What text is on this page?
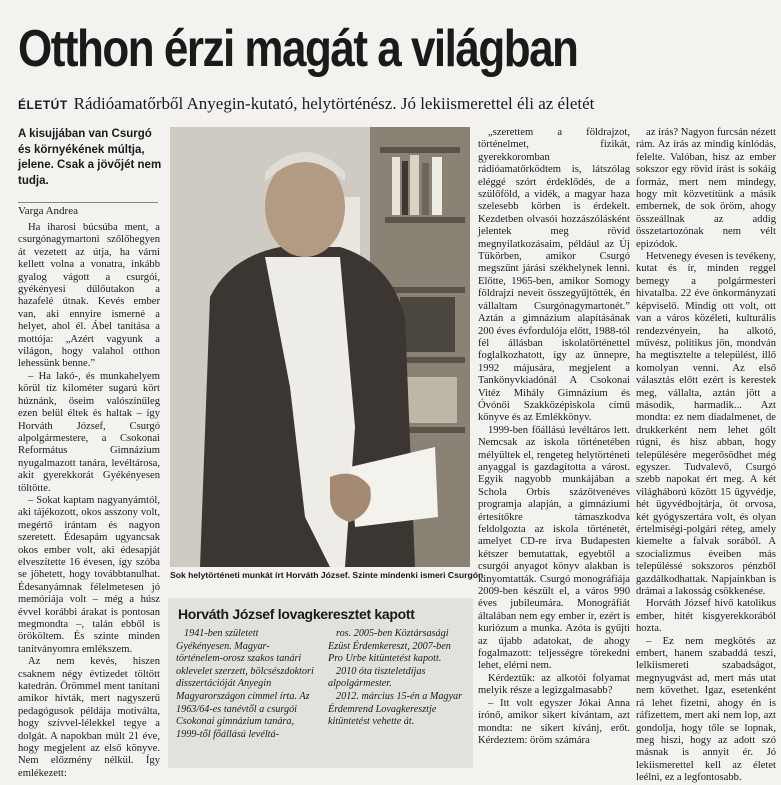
Otthon érzi magát a világban
ÉLETÚT Rádióamatőrből Anyegin-kutató, helytörténész. Jó lekiismerettel éli az életét
A kisujjában van Csurgó és környékének múltja, jelene. Csak a jövőjét nem tudja.
Varga Andrea

Ha iharosi búcsúba ment, a csurgónagymartoni szőlőhegyen át vezetett az útja, ha várni kellett volna a vonatra, inkább gyalog vágott a csurgói, gyékényesi dűlőutakon a hazafelé útnak. Kevés ember van, aki ennyire ismerné a helyet, ahol él. Ábel tanítása a mottója: „Azért vagyunk a világon, hogy valahol otthon lehessünk benne.”

– Ha lakó-, és munkahelyem körül tíz kilométer sugarú kört húznánk, öseim valószínűleg ezen belül éltek és haltak – így Horváth József, Csurgó alpolgármestere, a Csokonai Református Gimnázium nyugalmazott tanára, levéltárosa, akit gyerekkorát Gyékényesen töltötte.

– Sokat kaptam nagyanyámtól, aki tájékozott, okos asszony volt, megértő irántam és nagyon szeretett. Édesapám ugyancsak okos ember volt, aki édesapját elveszítette 16 évesen, így szóba se jöhetett, hogy továbbtanulhat. Édesanyámnak félelmetesen jó memóriája volt – még a húsz évvel korábbi árakat is pontosan megmondta –, talán ebből is örököltem. És szinte minden tanítványomra emlékszem.

Az nem kevés, hiszen csaknem négy évtizedet töltött katedrán. Örömmel ment tanítani amikor hívták, mert nagyszerű pedagógusok példája motiválta, hogy szívvel-lélekkel tegye a dolgát. A napokban múlt 21 éve, hogy megjelent az első könyve. Nem előzmény nélkül. Így emlékezett:

Sok helytörténeti munkát írt Horváth József. Szinte mindenki ismeri Csurgón
Horváth József lovagkeresztet kapott

1941-ben született Gyékényesen. Magyar-történelem-orosz szakos tanári oklevelet szerzett, bölcsészdoktori disszertációját Anyegin Magyarországon címmel írta. Az 1963/64-es tanévtől a csurgói Csokonai gimnázium tanára, 1999-től főállású levéltá-

ros. 2005-ben Köztársasági Ezüst Érdemkereszt, 2007-ben Pro Urbe kitüntetést kapott.

2010 óta tiszteletdíjas alpolgármester.

2012. március 15-én a Magyar Érdemrend Lovagkeresztje kitüntetést vehette át.

„szerettem a földrajzot, történelmet, fizikát, gyerekkoromban rádióamatőrködtem is, látszólag eléggé szórt érdeklődés, de a szülőföld, a vidék, a magyar haza szelesebb körben is érdekelt. Kezdetben olvasói hozzászólásként jelentek meg rövid megnyilatkozásaim, például az Új Tükörben, amikor Csurgó megszűnt járási székhelynek lenni. Előtte, 1965-ben, amikor Somogy földrajzi neveit összegyűjtötték, én vállaltam Csurgónagymartonét.” Aztán a gimnázium alapításának 200 éves évfordulója előtt, 1988-tól fél állásban iskolatörténettel foglalkozhatott, így az ünnepre, 1992 májusára, megjelent a Tankönyvkiadónál A Csokonai Vitéz Mihály Gimnázium és Óvónői Szakközépiskola című könyve és az Emlékkönyv.

1999-ben főállású levéltáros lett. Nemcsak az iskola történetében mélyültek el, rengeteg helytörténeti anyaggal is gazdagította a várost. Egyik nagyobb munkájában a Schola Orbis százötvenéves programja alapján, a gimnáziumi értesítőkre támaszkodva feldolgozta az iskola történetét, amelyet CD-re írva Budapesten kétszer bemutattak, egyebtől a csurgói anyagot könyv alakban is kinyomtatták. Csurgó monográfiája 2009-ben készült el, a város 990 éves jubileumára. Monográfiát általában nem egy ember ír, ezért is kuriózum a munka. Azóta is gyűjti az újabb adatokat, de ahogy fogalmazott: teljességre törekedni lehet, elérni nem.

Kérdeztük: az alkotói folyamat melyik része a legizgalmasabb?

– Itt volt egyszer Jókai Anna írónő, amikor sikert kívántam, azt mondta: ne sikert kívánj, erőt. Kérdeztem: öröm számára

az írás? Nagyon furcsán nézett rám. Az írás az mindig kínlódás, felelte. Valóban, hisz az ember sokszor egy rövid írást is sokáig formáz, mert nem mindegy, hogy mit közvetítünk a másik embernek, de sok öröm, ahogy összeállnak az addig összetartozónak nem vélt epizódok.

Hetvenegy évesen is tevékeny, kutat és ír, minden reggel bemegy a polgármesteri hivatalba. 22 éve önkormányzati képviselő. Mindig ott volt, ott van a város közéleti, kulturális rendezvényein, ha alkotó, művész, politikus jön, mondván ha megtisztelte a települést, illő komolyan venni. Az első választás előtt ezért is kerestek meg, vállalta, aztán jött a második, harmadik... Azt mondta: ez nem diadalmenet, de drukkerként nem lehet gólt rúgni, és hisz abban, hogy településére megerősödhet még egyszer. Tudvalevő, Csurgó szebb napokat ért meg. A két világháború között 15 ügyvédje, hét ügyvédbojtárja, öt orvosa, két gyógyszertára volt, és olyan értelmiségi-polgári réteg, amely kiemelte a falvak sorából. A szocializmus éveiben más településsé sokszoros pénzből gazdálkodhattak. Napjainkban is drámai a lakosság csökkenése.

Horváth József hívő katolikus ember, hitét kisgyerekkorából hozta.

– Ez nem megkötés az embert, hanem szabaddá teszi, lelkiismereti szabadságot, megnyugvást ad, mert más utat nem követhet. Igaz, esetenként rá lehet fizetni, ahogy én is ráfizettem, mert aki nem lop, azt gondolja, hogy tőle se lopnak, meg hiszi, hogy az adott szó másnak is annyit ér. Jó lekiismerettel kell az életet leélni, ez a legfontosabb.
